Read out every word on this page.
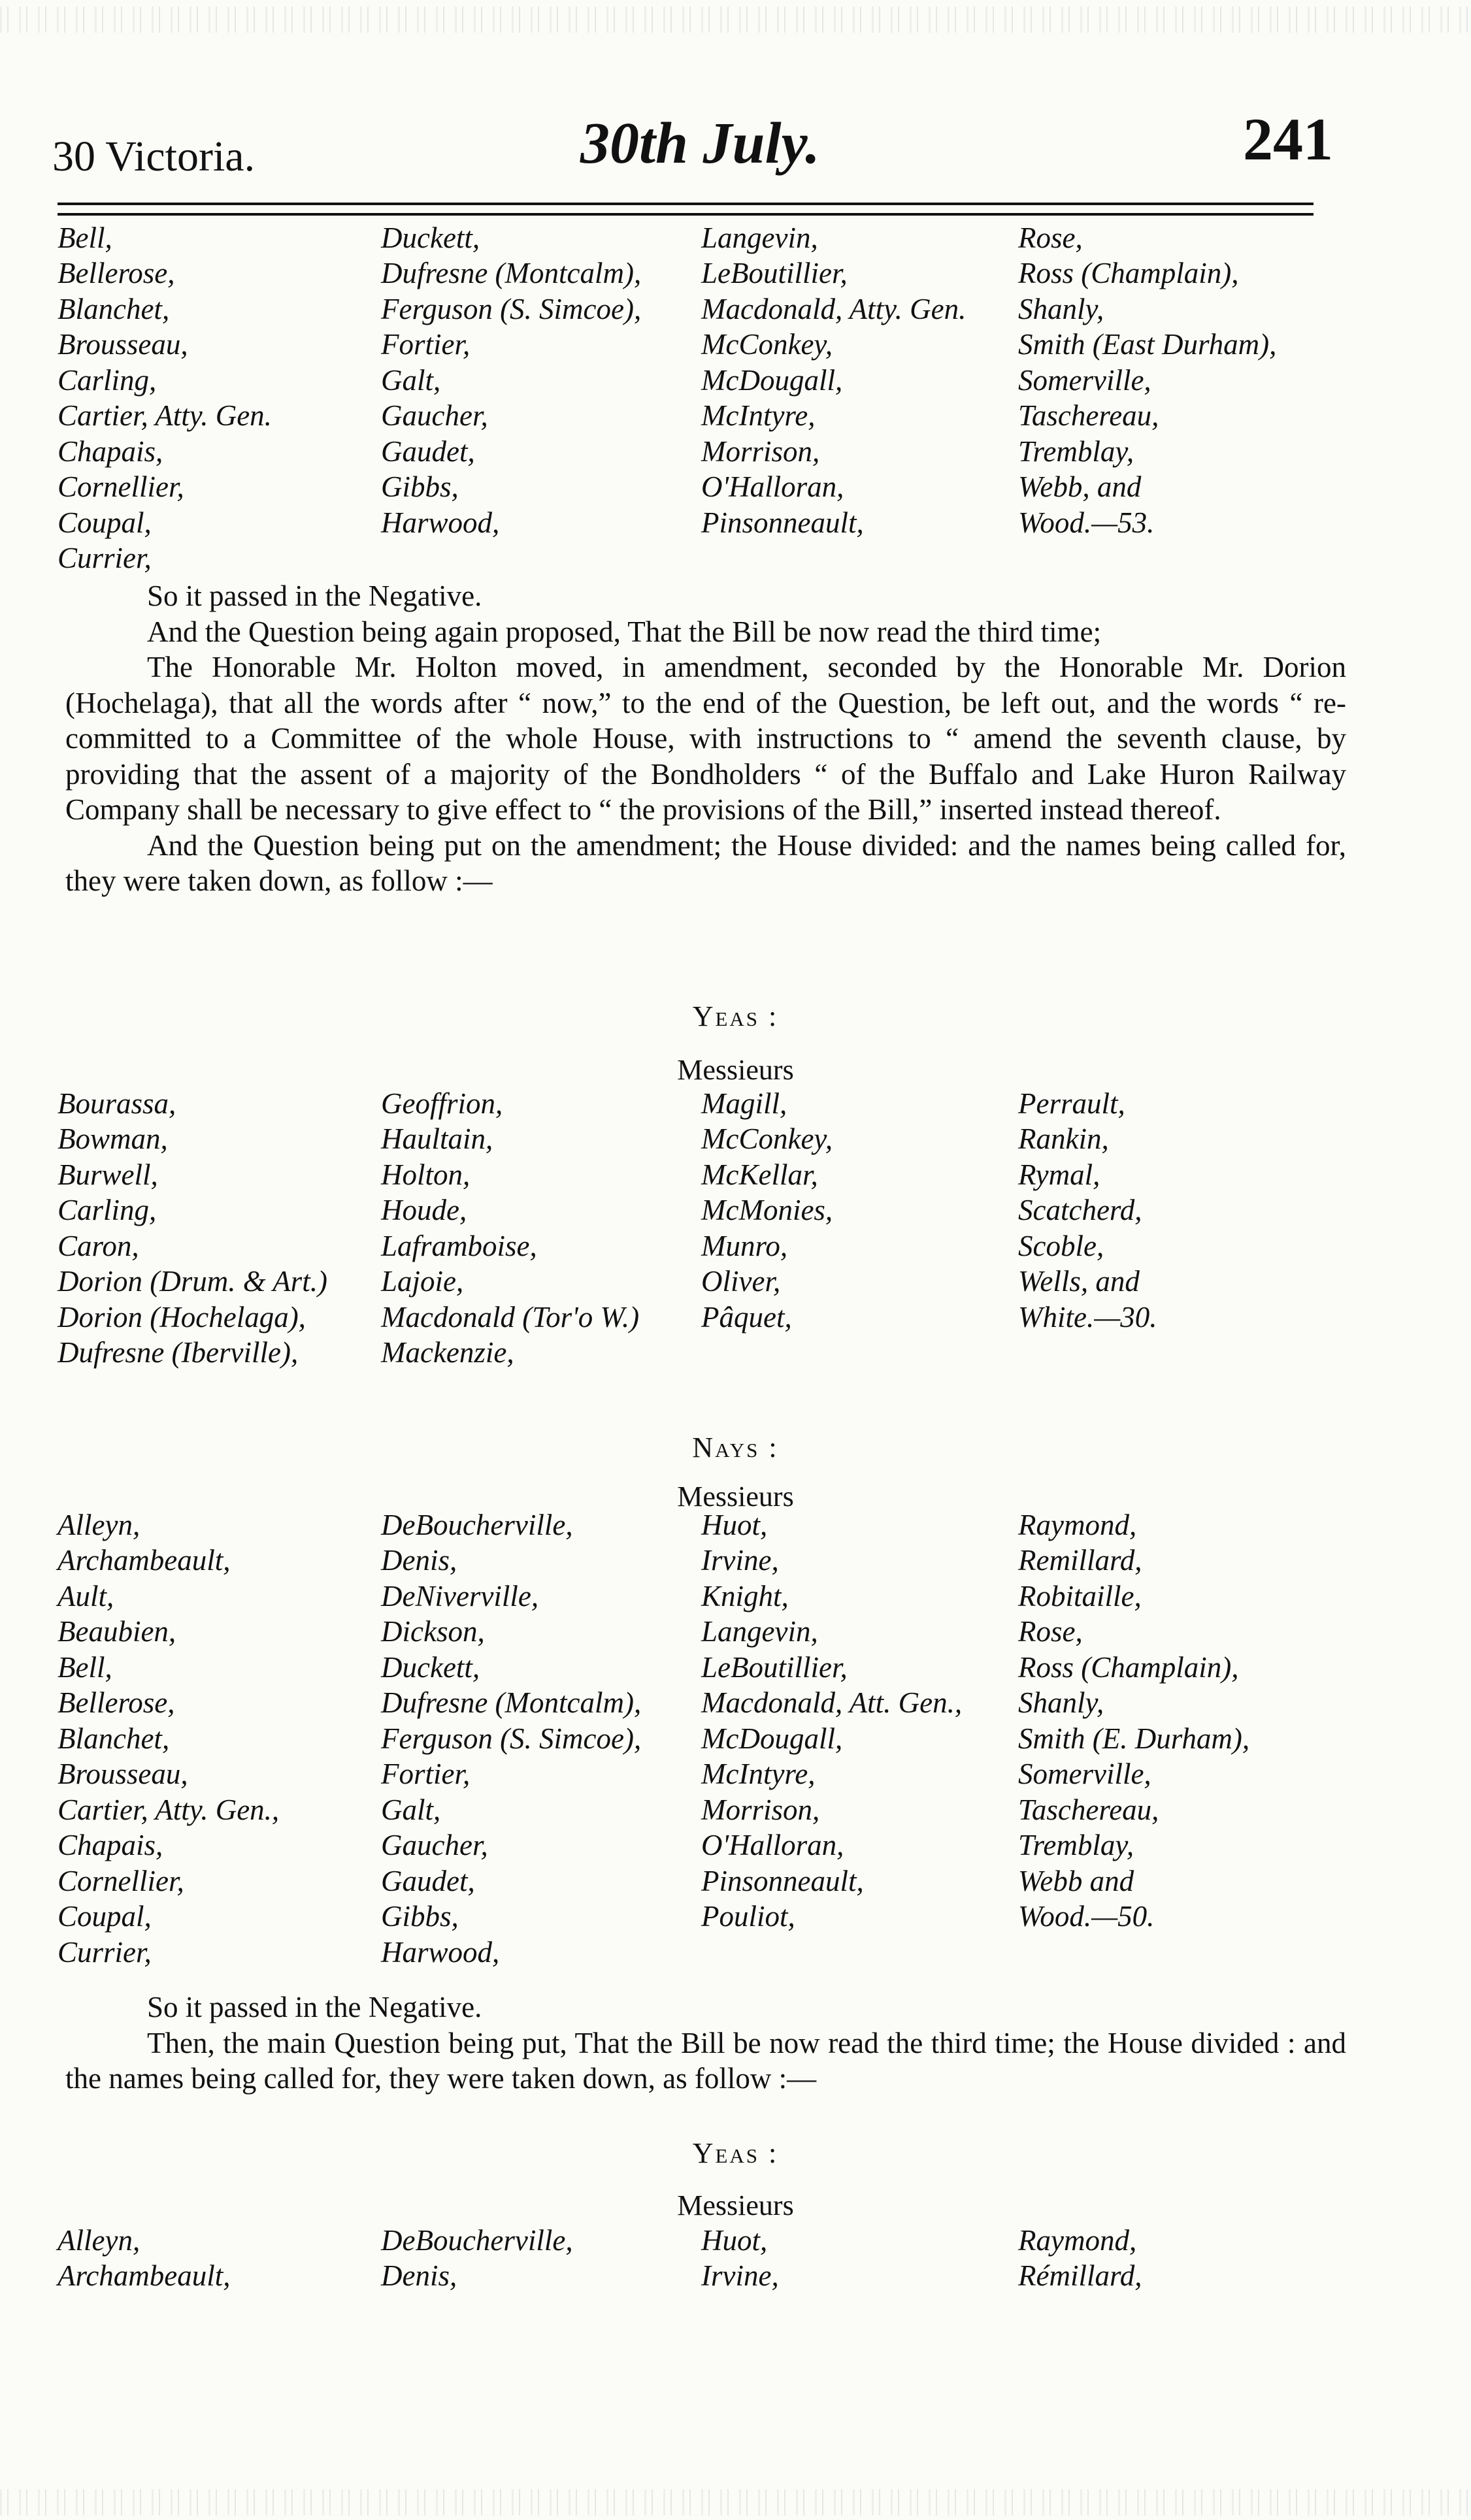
30 Victoria.	30th July.	241
Bell,	Duckett,	Langevin,	Rose,
Bellerose,	Dufresne (Montcalm),	LeBoutillier,	Ross (Champlain),
Blanchet,	Ferguson (S. Simcoe),	Macdonald, Atty. Gen.	Shanly,
Brousseau,	Fortier,	McConkey,	Smith (East Durham),
Carling,	Galt,	McDougall,	Somerville,
Cartier, Atty. Gen.	Gaucher,	McIntyre,	Taschereau,
Chapais,	Gaudet,	Morrison,	Tremblay,
Cornellier,	Gibbs,	O'Halloran,	Webb, and
Coupal,	Harwood,	Pinsonneault,	Wood.—53.
Currier,

So it passed in the Negative.

And the Question being again proposed, That the Bill be now read the third time;

The Honorable Mr. Holton moved, in amendment, seconded by the Honorable Mr. Dorion (Hochelaga), that all the words after “ now,” to the end of the Question, be left out, and the words “ re-committed to a Committee of the whole House, with instructions to “ amend the seventh clause, by providing that the assent of a majority of the Bondholders “ of the Buffalo and Lake Huron Railway Company shall be necessary to give effect to “ the provisions of the Bill,” inserted instead thereof.

And the Question being put on the amendment; the House divided: and the names being called for, they were taken down, as follow :—

Yeas :
Messieurs
Bourassa,	Geoffrion,	Magill,	Perrault,
Bowman,	Haultain,	McConkey,	Rankin,
Burwell,	Holton,	McKellar,	Rymal,
Carling,	Houde,	McMonies,	Scatcherd,
Caron,	Laframboise,	Munro,	Scoble,
Dorion (Drum. & Art.)	Lajoie,	Oliver,	Wells, and
Dorion (Hochelaga),	Macdonald (Tor'o W.)	Pâquet,	White.—30.
Dufresne (Iberville),	Mackenzie,
Nays :
Messieurs
Alleyn,	DeBoucherville,	Huot,	Raymond,
Archambeault,	Denis,	Irvine,	Remillard,
Ault,	DeNiverville,	Knight,	Robitaille,
Beaubien,	Dickson,	Langevin,	Rose,
Bell,	Duckett,	LeBoutillier,	Ross (Champlain),
Bellerose,	Dufresne (Montcalm),	Macdonald, Att. Gen.,	Shanly,
Blanchet,	Ferguson (S. Simcoe),	McDougall,	Smith (E. Durham),
Brousseau,	Fortier,	McIntyre,	Somerville,
Cartier, Atty. Gen.,	Galt,	Morrison,	Taschereau,
Chapais,	Gaucher,	O'Halloran,	Tremblay,
Cornellier,	Gaudet,	Pinsonneault,	Webb and
Coupal,	Gibbs,	Pouliot,	Wood.—50.
Currier,	Harwood,

So it passed in the Negative.

Then, the main Question being put, That the Bill be now read the third time; the House divided : and the names being called for, they were taken down, as follow :—

Yeas :
Messieurs
Alleyn,	DeBoucherville,	Huot,	Raymond,
Archambeault,	Denis,	Irvine,	Rémillard,
